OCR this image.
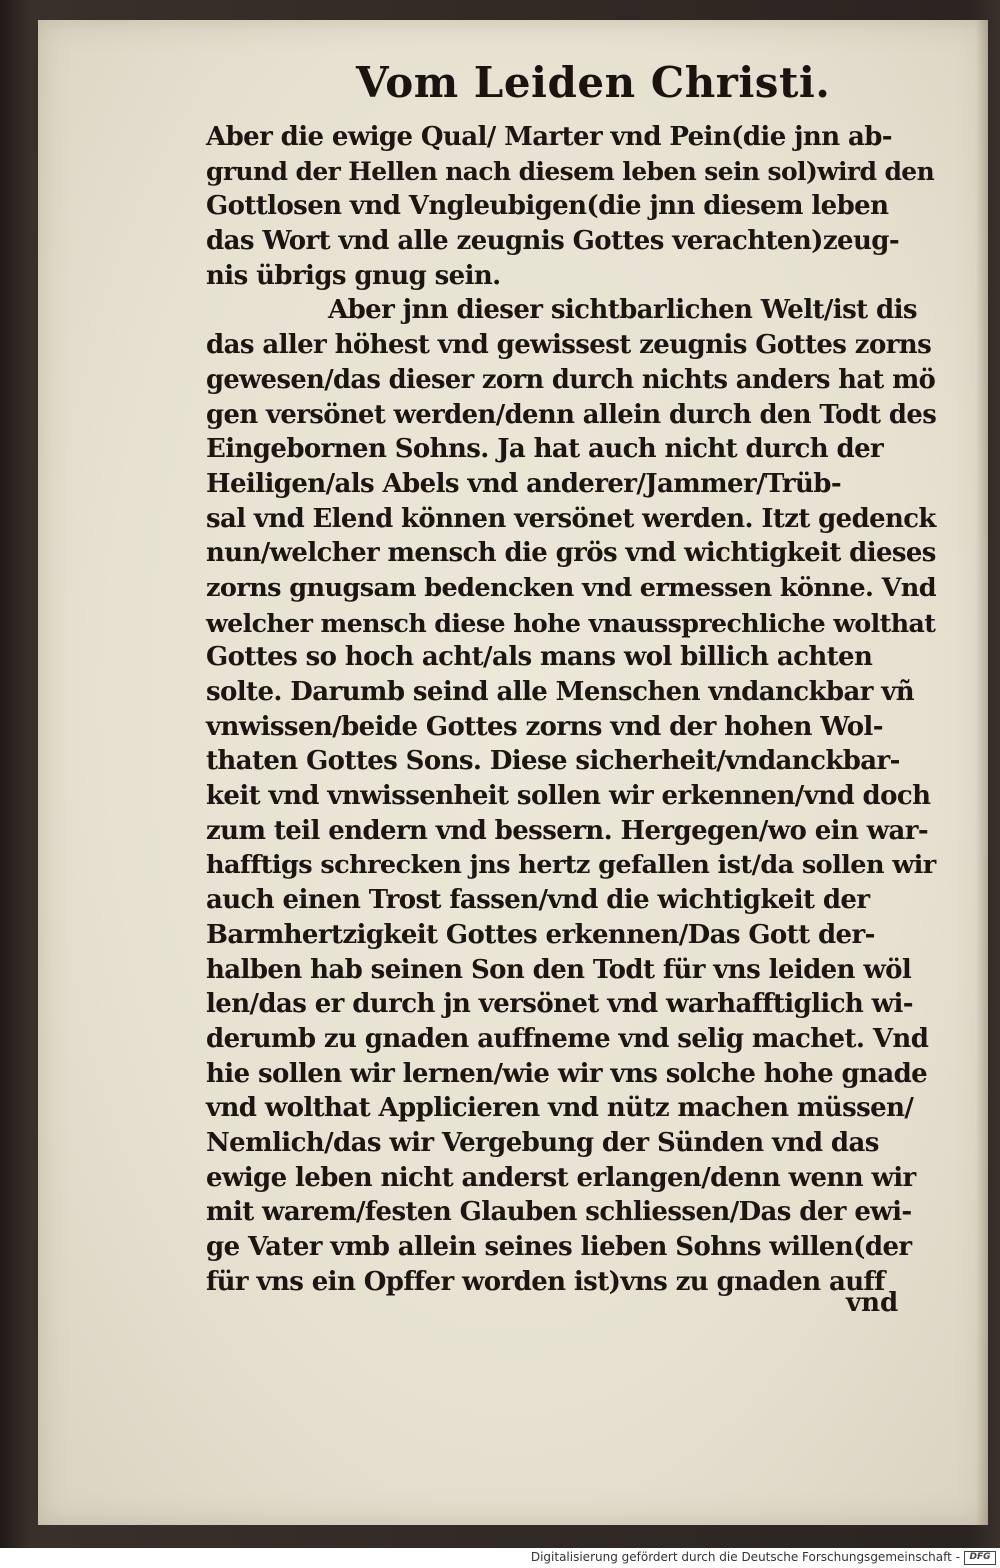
Vom Leiden Christi.
Aber die ewige Qual/ Marter vnd Pein(die jnn ab-
grund der Hellen nach diesem leben sein sol)wird den
Gottlosen vnd Vngleubigen(die jnn diesem leben
das Wort vnd alle zeugnis Gottes verachten)zeug-
nis übrigs gnug sein.
Aber jnn dieser sichtbarlichen Welt/ist dis
das aller höhest vnd gewissest zeugnis Gottes zorns
gewesen/das dieser zorn durch nichts anders hat mö
gen versönet werden/denn allein durch den Todt des
Eingebornen Sohns. Ja hat auch nicht durch der
Heiligen/als Abels vnd anderer/Jammer/Trüb-
sal vnd Elend können versönet werden. Itzt gedenck
nun/welcher mensch die grös vnd wichtigkeit dieses
zorns gnugsam bedencken vnd ermessen könne. Vnd
welcher mensch diese hohe vnaussprechliche wolthat
Gottes so hoch acht/als mans wol billich achten
solte. Darumb seind alle Menschen vndanckbar vñ
vnwissen/beide Gottes zorns vnd der hohen Wol-
thaten Gottes Sons. Diese sicherheit/vndanckbar-
keit vnd vnwissenheit sollen wir erkennen/vnd doch
zum teil endern vnd bessern. Hergegen/wo ein war-
hafftigs schrecken jns hertz gefallen ist/da sollen wir
auch einen Trost fassen/vnd die wichtigkeit der
Barmhertzigkeit Gottes erkennen/Das Gott der-
halben hab seinen Son den Todt für vns leiden wöl
len/das er durch jn versönet vnd warhafftiglich wi-
derumb zu gnaden auffneme vnd selig machet. Vnd
hie sollen wir lernen/wie wir vns solche hohe gnade
vnd wolthat Applicieren vnd nütz machen müssen/
Nemlich/das wir Vergebung der Sünden vnd das
ewige leben nicht anderst erlangen/denn wenn wir
mit warem/festen Glauben schliessen/Das der ewi-
ge Vater vmb allein seines lieben Sohns willen(der
für vns ein Opffer worden ist)vns zu gnaden auff
vnd
Digitalisierung gefördert durch die Deutsche Forschungsgemeinschaft -	DFG
